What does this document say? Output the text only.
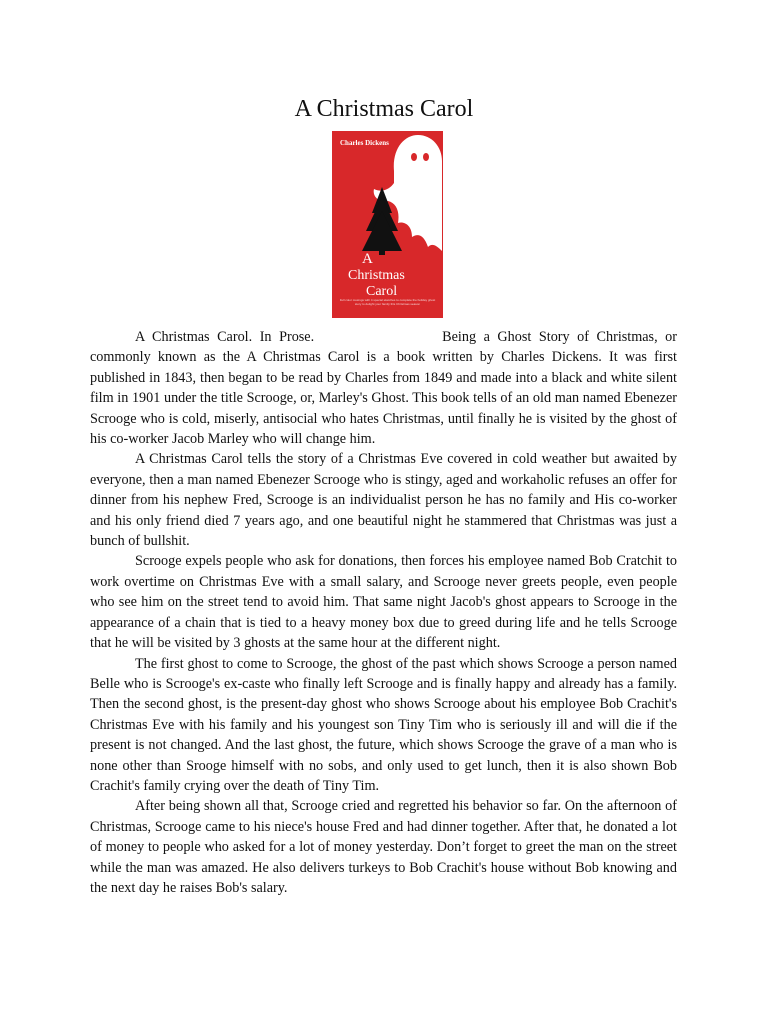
A Christmas Carol
Charles Dickens
A
Christmas
Carol
Full color musings with 4 special sketches to complete the holiday ghost story to delight your family this Christmas season

A Christmas Carol. In Prose.	Being a Ghost Story of Christmas, or commonly known as the A Christmas Carol is a book written by Charles Dickens. It was first published in 1843, then began to be read by Charles from 1849 and made into a black and white silent film in 1901 under the title Scrooge, or, Marley's Ghost. This book tells of an old man named Ebenezer Scrooge who is cold, miserly, antisocial who hates Christmas, until finally he is visited by the ghost of his co-worker Jacob Marley who will change him.

A Christmas Carol tells the story of a Christmas Eve covered in cold weather but awaited by everyone, then a man named Ebenezer Scrooge who is stingy, aged and workaholic refuses an offer for dinner from his nephew Fred, Scrooge is an individualist person he has no family and His co-worker and his only friend died 7 years ago, and one beautiful night he stammered that Christmas was just a bunch of bullshit.

Scrooge expels people who ask for donations, then forces his employee named Bob Cratchit to work overtime on Christmas Eve with a small salary, and Scrooge never greets people, even people who see him on the street tend to avoid him. That same night Jacob's ghost appears to Scrooge in the appearance of a chain that is tied to a heavy money box due to greed during life and he tells Scrooge that he will be visited by 3 ghosts at the same hour at the different night.

The first ghost to come to Scrooge, the ghost of the past which shows Scrooge a person named Belle who is Scrooge's ex-caste who finally left Scrooge and is finally happy and already has a family. Then the second ghost, is the present-day ghost who shows Scrooge about his employee Bob Crachit's Christmas Eve with his family and his youngest son Tiny Tim who is seriously ill and will die if the present is not changed. And the last ghost, the future, which shows Scrooge the grave of a man who is none other than Srooge himself with no sobs, and only used to get lunch, then it is also shown Bob Crachit's family crying over the death of Tiny Tim.

After being shown all that, Scrooge cried and regretted his behavior so far. On the afternoon of Christmas, Scrooge came to his niece's house Fred and had dinner together. After that, he donated a lot of money to people who asked for a lot of money yesterday. Don’t forget to greet the man on the street while the man was amazed. He also delivers turkeys to Bob Crachit's house without Bob knowing and the next day he raises Bob's salary.
